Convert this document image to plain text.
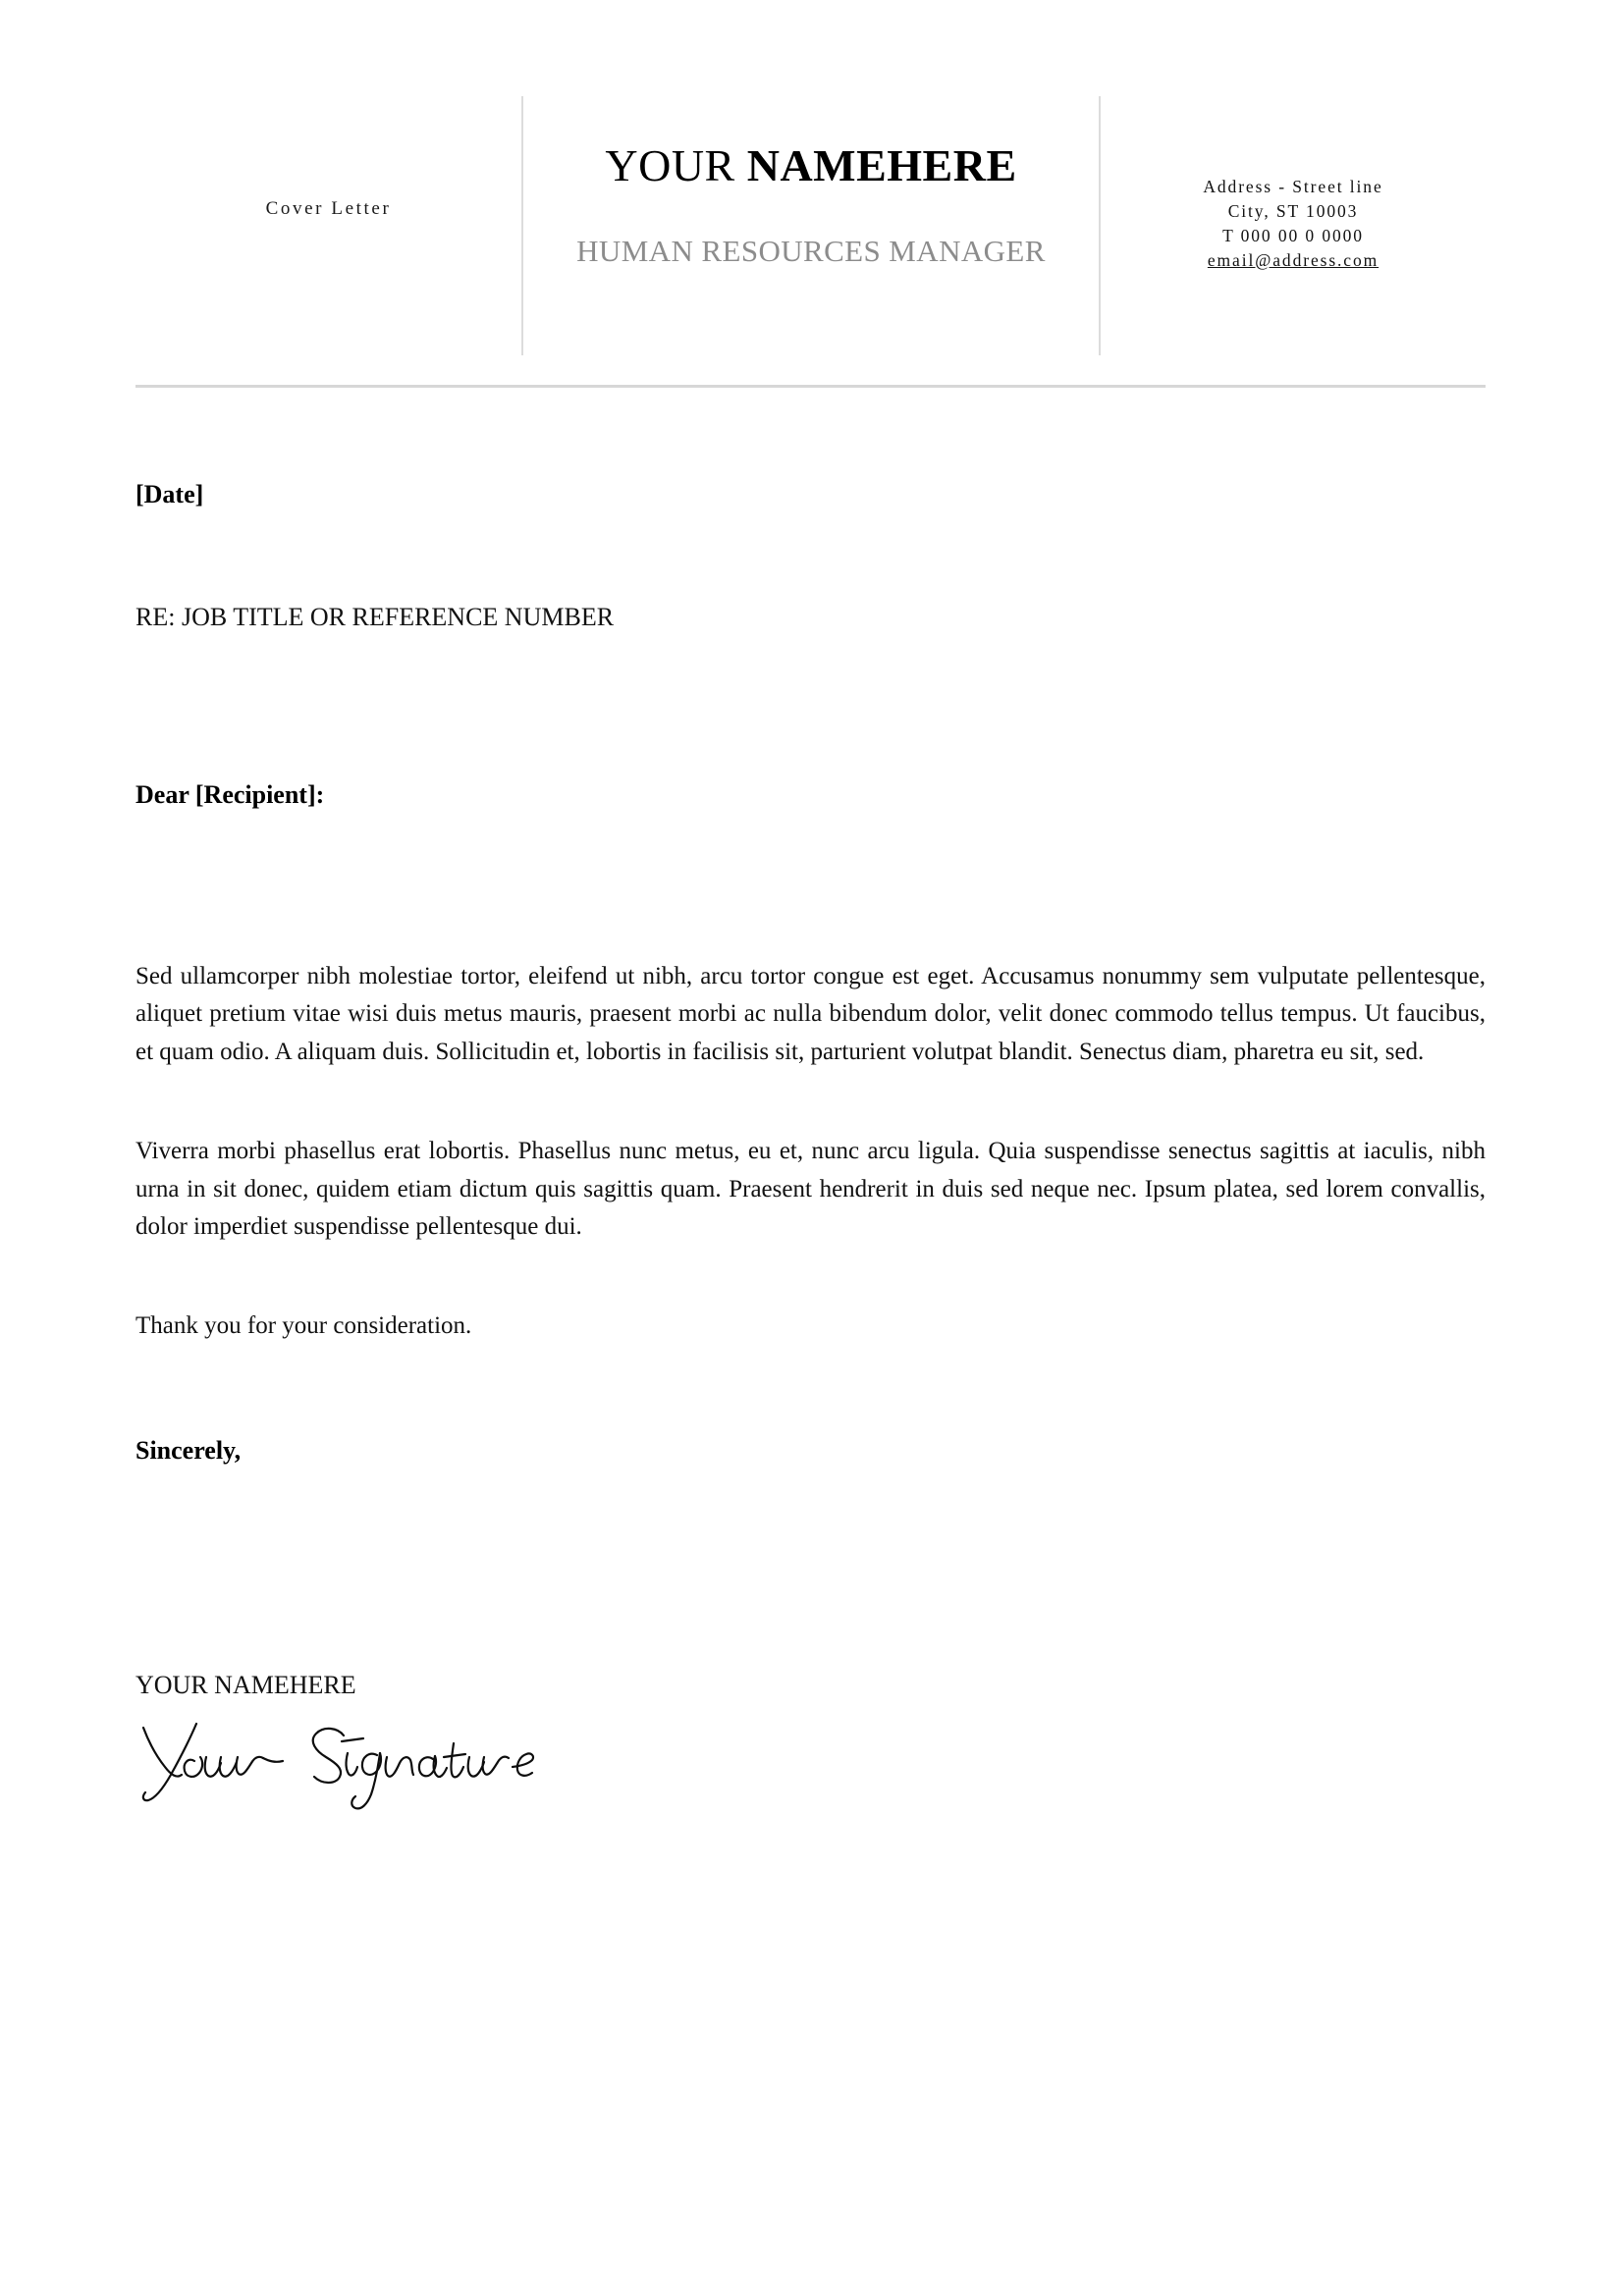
Cover Letter
YOUR NAMEHERE
HUMAN RESOURCES MANAGER
Address - Street line
City, ST 10003
T 000 00 0 0000
email@address.com
[Date]
RE: JOB TITLE OR REFERENCE NUMBER
Dear [Recipient]:

Sed ullamcorper nibh molestiae tortor, eleifend ut nibh, arcu tortor congue est eget. Accusamus nonummy sem vulputate pellentesque, aliquet pretium vitae wisi duis metus mauris, praesent morbi ac nulla bibendum dolor, velit donec commodo tellus tempus. Ut faucibus, et quam odio. A aliquam duis. Sollicitudin et, lobortis in facilisis sit, parturient volutpat blandit. Senectus diam, pharetra eu sit, sed.

Viverra morbi phasellus erat lobortis. Phasellus nunc metus, eu et, nunc arcu ligula. Quia suspendisse senectus sagittis at iaculis, nibh urna in sit donec, quidem etiam dictum quis sagittis quam. Praesent hendrerit in duis sed neque nec. Ipsum platea, sed lorem convallis, dolor imperdiet suspendisse pellentesque dui.

Thank you for your consideration.
Sincerely,
YOUR NAMEHERE
